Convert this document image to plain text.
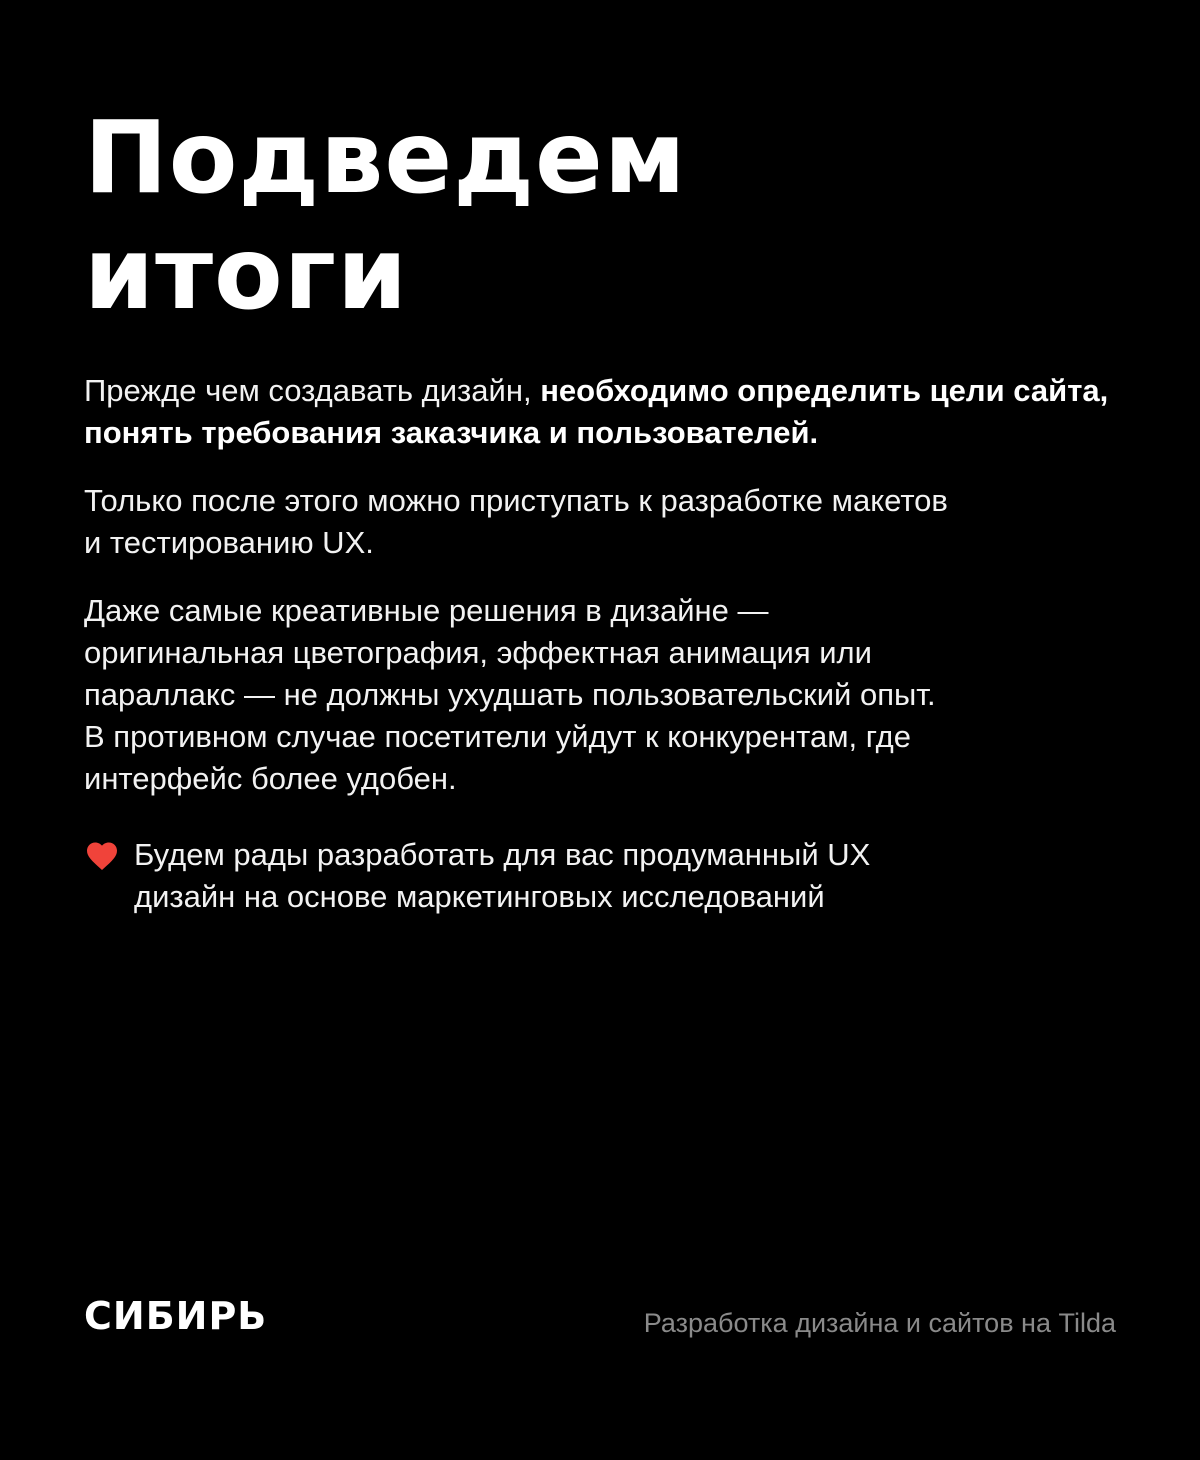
Подведем
итоги

Прежде чем создавать дизайн, необходимо определить цели сайта, понять требования заказчика и пользователей.

Только после этого можно приступать к разработке макетов
и тестированию UX.

Даже самые креативные решения в дизайне —
оригинальная цветография, эффектная анимация или
параллакс — не должны ухудшать пользовательский опыт.
В противном случае посетители уйдут к конкурентам, где
интерфейс более удобен.

Будем рады разработать для вас продуманный UX
дизайн на основе маркетинговых исследований
СИБИРЬ	Разработка дизайна и сайтов на Tilda
